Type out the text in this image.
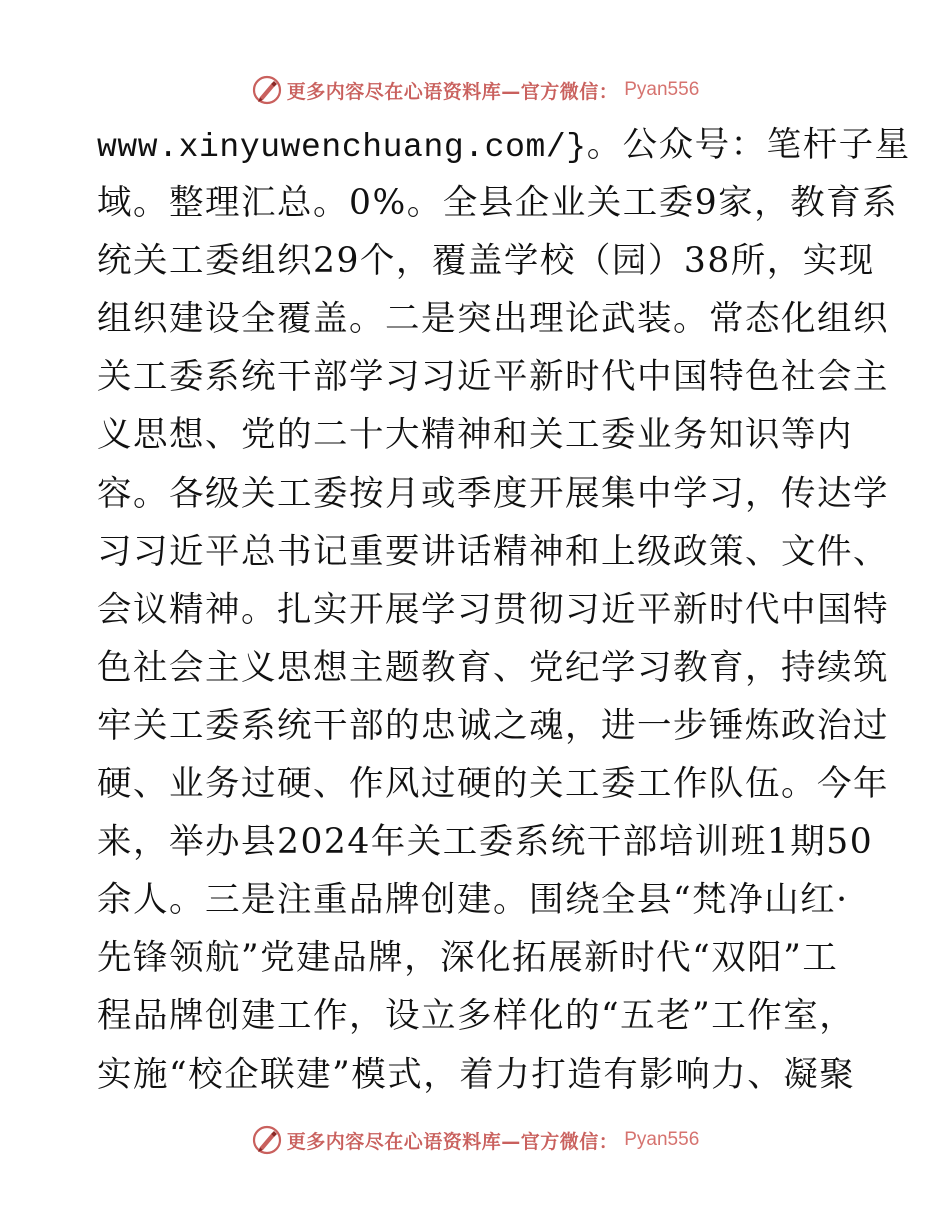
更多内容尽在心语资料库—官方微信： Pyan556
www.xinyuwenchuang.com/}。公众号：笔杆子星
域。整理汇总。0%。全县企业关工委9家，教育系
统关工委组织29个，覆盖学校（园）38所，实现
组织建设全覆盖。二是突出理论武装。常态化组织
关工委系统干部学习习近平新时代中国特色社会主
义思想、党的二十大精神和关工委业务知识等内
容。各级关工委按月或季度开展集中学习，传达学
习习近平总书记重要讲话精神和上级政策、文件、
会议精神。扎实开展学习贯彻习近平新时代中国特
色社会主义思想主题教育、党纪学习教育，持续筑
牢关工委系统干部的忠诚之魂，进一步锤炼政治过
硬、业务过硬、作风过硬的关工委工作队伍。今年
来，举办县2024年关工委系统干部培训班1期50
余人。三是注重品牌创建。围绕全县“梵净山红·
先锋领航”党建品牌，深化拓展新时代“双阳”工
程品牌创建工作，设立多样化的“五老”工作室，
实施“校企联建”模式，着力打造有影响力、凝聚
更多内容尽在心语资料库—官方微信： Pyan556
